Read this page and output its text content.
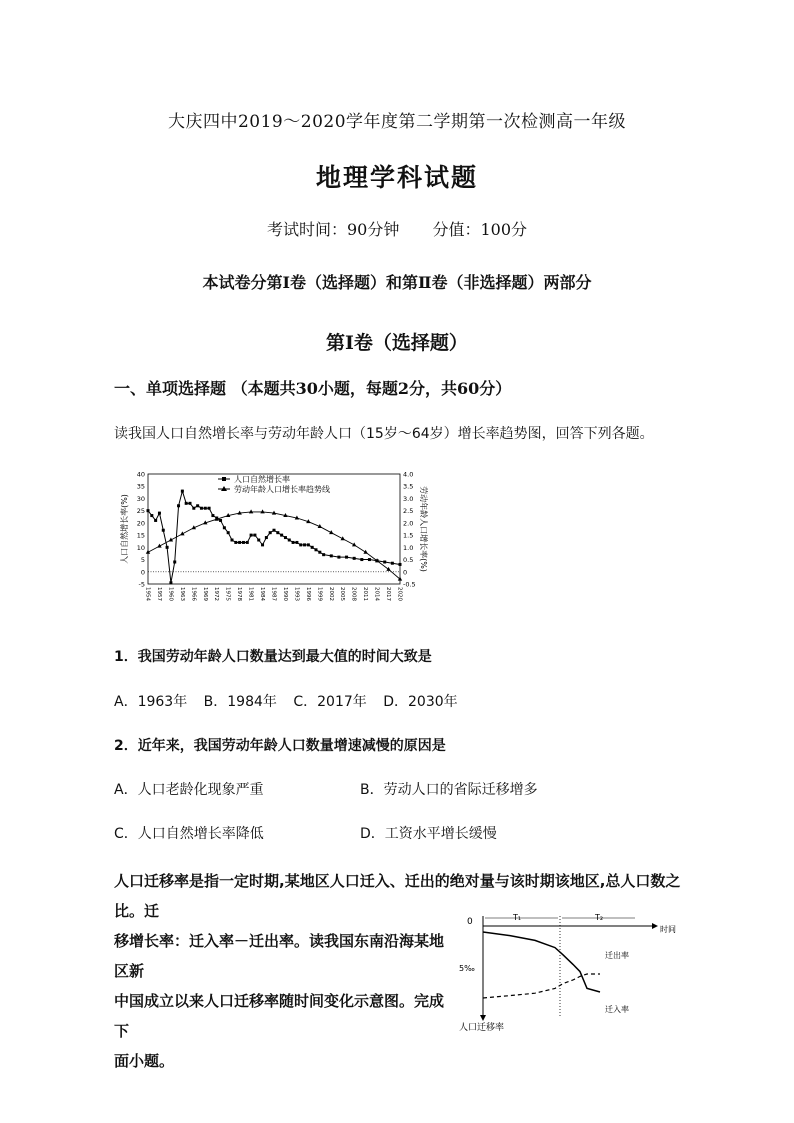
大庆四中2019～2020学年度第二学期第一次检测高一年级
地理学科试题
考试时间：90分钟 分值：100分
本试卷分第Ⅰ卷（选择题）和第Ⅱ卷（非选择题）两部分
第Ⅰ卷（选择题）
一、单项选择题 （本题共30小题，每题2分，共60分）
读我国人口自然增长率与劳动年龄人口（15岁～64岁）增长率趋势图，回答下列各题。
40
35
30
25
20
15
10
5
0
-5
4.0
3.5
3.0
2.5
2.0
1.5
1.0
0.5
0
-0.5
1954 1957 1960 1963 1966 1969 1972 1975 1978 1981 1984 1987 1990 1993 1996 1999 2002 2005 2008 2011 2014 2017 2020
人口自然增长率
劳动年龄人口增长率趋势线
人口自然增长率(%)	劳动年龄人口增长率(%)
1．我国劳动年龄人口数量达到最大值的时间大致是
A．1963年 B．1984年 C．2017年 D．2030年
2．近年来，我国劳动年龄人口数量增速减慢的原因是
A．人口老龄化现象严重	B．劳动人口的省际迁移增多
C．人口自然增长率降低	D．工资水平增长缓慢
人口迁移率是指一定时期,某地区人口迁入、迁出的绝对量与该时期该地区,总人口数之比。迁
移增长率：迁入率－迁出率。读我国东南沿海某地区新
中国成立以来人口迁移率随时间变化示意图。完成下
面小题。
0
时间
5‰
人口迁移率
T₁	T₂
迁出率
迁入率
